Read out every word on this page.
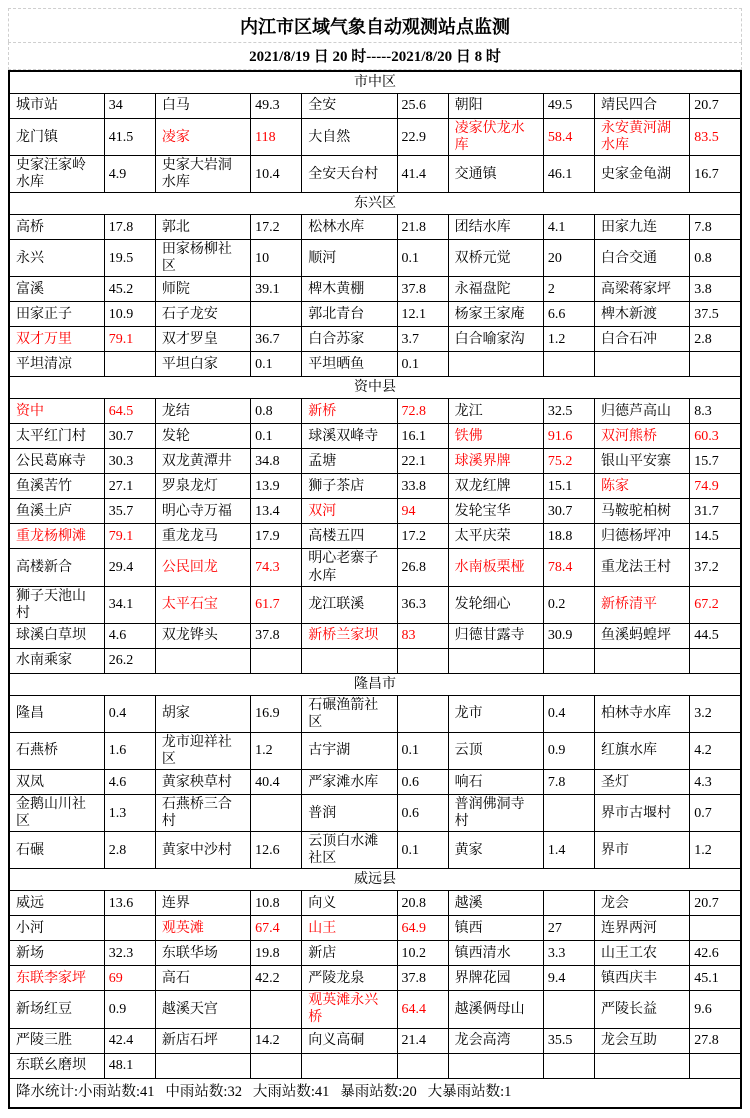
内江市区域气象自动观测站点监测
2021/8/19 日 20 时-----2021/8/20 日 8 时
市中区									
城市站	34	白马	49.3	全安	25.6	朝阳	49.5	靖民四合	20.7
龙门镇	41.5	凌家	118	大自然	22.9	凌家伏龙水库	58.4	永安黄河湖水库	83.5
史家汪家岭水库	4.9	史家大岩洞水库	10.4	全安天台村	41.4	交通镇	46.1	史家金龟湖	16.7
东兴区									
高桥	17.8	郭北	17.2	松林水库	21.8	团结水库	4.1	田家九连	7.8
永兴	19.5	田家杨柳社区	10	顺河	0.1	双桥元觉	20	白合交通	0.8
富溪	45.2	师院	39.1	椑木黄棚	37.8	永福盘陀	2	高梁蒋家坪	3.8
田家正子	10.9	石子龙安		郭北青台	12.1	杨家王家庵	6.6	椑木新渡	37.5
双才万里	79.1	双才罗皇	36.7	白合苏家	3.7	白合喻家沟	1.2	白合石冲	2.8
平坦清凉		平坦白家	0.1	平坦晒鱼	0.1				
资中县									
资中	64.5	龙结	0.8	新桥	72.8	龙江	32.5	归德芦高山	8.3
太平红门村	30.7	发轮	0.1	球溪双峰寺	16.1	铁佛	91.6	双河熊桥	60.3
公民葛麻寺	30.3	双龙黄潭井	34.8	孟塘	22.1	球溪界牌	75.2	银山平安寨	15.7
鱼溪苦竹	27.1	罗泉龙灯	13.9	狮子茶店	33.8	双龙红牌	15.1	陈家	74.9
鱼溪土庐	35.7	明心寺万福	13.4	双河	94	发轮宝华	30.7	马鞍驼柏树	31.7
重龙杨柳滩	79.1	重龙龙马	17.9	高楼五四	17.2	太平庆荣	18.8	归德杨坪冲	14.5
高楼新合	29.4	公民回龙	74.3	明心老寨子水库	26.8	水南板栗桠	78.4	重龙法王村	37.2
狮子天池山村	34.1	太平石宝	61.7	龙江联溪	36.3	发轮细心	0.2	新桥清平	67.2
球溪白草坝	4.6	双龙铧头	37.8	新桥兰家坝	83	归德甘露寺	30.9	鱼溪蚂蝗坪	44.5
水南乘家	26.2								
隆昌市									
隆昌	0.4	胡家	16.9	石碾渔箭社区		龙市	0.4	柏林寺水库	3.2
石燕桥	1.6	龙市迎祥社区	1.2	古宇湖	0.1	云顶	0.9	红旗水库	4.2
双凤	4.6	黄家秧草村	40.4	严家滩水库	0.6	响石	7.8	圣灯	4.3
金鹅山川社区	1.3	石燕桥三合村		普润	0.6	普润佛洞寺村		界市古堰村	0.7
石碾	2.8	黄家中沙村	12.6	云顶白水滩社区	0.1	黄家	1.4	界市	1.2
威远县									
威远	13.6	连界	10.8	向义	20.8	越溪		龙会	20.7
小河		观英滩	67.4	山王	64.9	镇西	27	连界两河	
新场	32.3	东联华场	19.8	新店	10.2	镇西清水	3.3	山王工农	42.6
东联李家坪	69	高石	42.2	严陵龙泉	37.8	界牌花园	9.4	镇西庆丰	45.1
新场红豆	0.9	越溪天宫		观英滩永兴桥	64.4	越溪俩母山		严陵长益	9.6
严陵三胜	42.4	新店石坪	14.2	向义高硐	21.4	龙会高湾	35.5	龙会互助	27.8
东联幺磨坝	48.1								
降水统计:小雨站数:41   中雨站数:32   大雨站数:41   暴雨站数:20   大暴雨站数:1									
